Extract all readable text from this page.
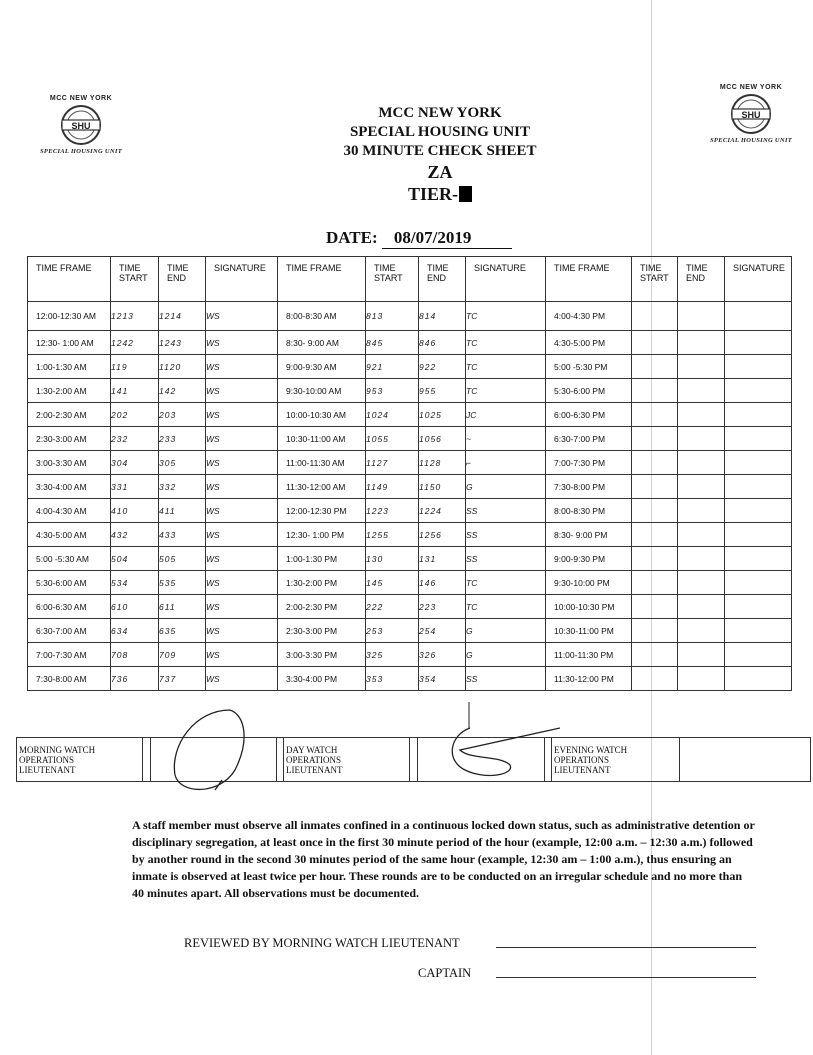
MCC NEW YORK
SHU
SPECIAL HOUSING UNIT
MCC NEW YORK
SHU
SPECIAL HOUSING UNIT
MCC NEW YORK
SPECIAL HOUSING UNIT
30 MINUTE CHECK SHEET
ZA
TIER-
DATE: 08/07/2019
TIME FRAME	TIME START	TIME END	SIGNATURE	TIME FRAME	TIME START	TIME END	SIGNATURE	TIME FRAME	TIME START	TIME END	SIGNATURE
12:00-12:30 AM	1213	1214	WS	8:00-8:30 AM	813	814	TC	4:00-4:30 PM			
12:30- 1:00 AM	1242	1243	WS	8:30- 9:00 AM	845	846	TC	4:30-5:00 PM			
1:00-1:30 AM	119	1120	WS	9:00-9:30 AM	921	922	TC	5:00 -5:30 PM			
1:30-2:00 AM	141	142	WS	9:30-10:00 AM	953	955	TC	5:30-6:00 PM			
2:00-2:30 AM	202	203	WS	10:00-10:30 AM	1024	1025	JC	6:00-6:30 PM			
2:30-3:00 AM	232	233	WS	10:30-11:00 AM	1055	1056	~	6:30-7:00 PM			
3:00-3:30 AM	304	305	WS	11:00-11:30 AM	1127	1128	⌐	7:00-7:30 PM			
3:30-4:00 AM	331	332	WS	11:30-12:00 AM	1149	1150	G	7:30-8:00 PM			
4:00-4:30 AM	410	411	WS	12:00-12:30 PM	1223	1224	SS	8:00-8:30 PM			
4:30-5:00 AM	432	433	WS	12:30- 1:00 PM	1255	1256	SS	8:30- 9:00 PM			
5:00 -5:30 AM	504	505	WS	1:00-1:30 PM	130	131	SS	9:00-9:30 PM			
5:30-6:00 AM	534	535	WS	1:30-2:00 PM	145	146	TC	9:30-10:00 PM			
6:00-6:30 AM	610	611	WS	2:00-2:30 PM	222	223	TC	10:00-10:30 PM			
6:30-7:00 AM	634	635	WS	2:30-3:00 PM	253	254	G	10:30-11:00 PM			
7:00-7:30 AM	708	709	WS	3:00-3:30 PM	325	326	G	11:00-11:30 PM			
7:30-8:00 AM	736	737	WS	3:30-4:00 PM	353	354	SS	11:30-12:00 PM			
MORNING WATCH
OPERATIONS
LIEUTENANT				DAY WATCH
OPERATIONS
LIEUTENANT				EVENING WATCH
OPERATIONS
LIEUTENANT	
A staff member must observe all inmates confined in a continuous locked down status, such as administrative detention or disciplinary segregation, at least once in the first 30 minute period of the hour (example, 12:00 a.m. – 12:30 a.m.) followed by another round in the second 30 minutes period of the same hour (example, 12:30 am – 1:00 a.m.), thus ensuring an inmate is observed at least twice per hour. These rounds are to be conducted on an irregular schedule and no more than 40 minutes apart. All observations must be documented.
REVIEWED BY MORNING WATCH LIEUTENANT
CAPTAIN
